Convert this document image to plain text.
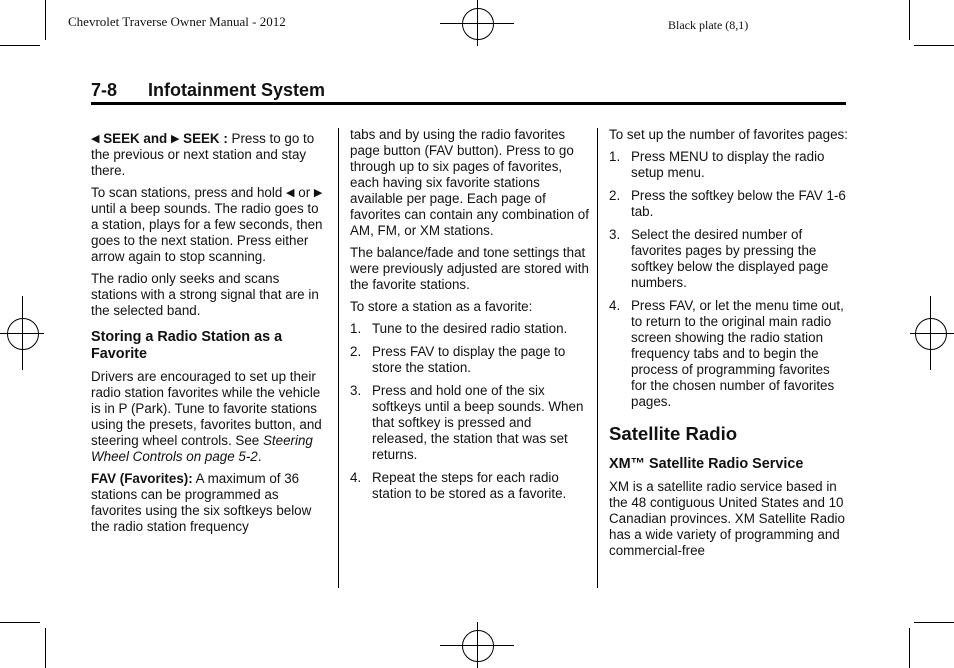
Chevrolet Traverse Owner Manual - 2012	Black plate (8,1)
7-8 Infotainment System

◀︎ SEEK and ▶︎ SEEK : Press to go to the previous or next station and stay there.

To scan stations, press and hold ◀︎ or ▶︎ until a beep sounds. The radio goes to a station, plays for a few seconds, then goes to the next station. Press either arrow again to stop scanning.

The radio only seeks and scans stations with a strong signal that are in the selected band.

Storing a Radio Station as a Favorite

Drivers are encouraged to set up their radio station favorites while the vehicle is in P (Park). Tune to favorite stations using the presets, favorites button, and steering wheel controls. See Steering Wheel Controls on page 5-2.

FAV (Favorites): A maximum of 36 stations can be programmed as favorites using the six softkeys below the radio station frequency

tabs and by using the radio favorites page button (FAV button). Press to go through up to six pages of favorites, each having six favorite stations available per page. Each page of favorites can contain any combination of AM, FM, or XM stations.

The balance/fade and tone settings that were previously adjusted are stored with the favorite stations.

To store a station as a favorite:

1. Tune to the desired radio station.
2. Press FAV to display the page to store the station.
3. Press and hold one of the six softkeys until a beep sounds. When that softkey is pressed and released, the station that was set returns.
4. Repeat the steps for each radio station to be stored as a favorite.

To set up the number of favorites pages:

1. Press MENU to display the radio setup menu.
2. Press the softkey below the FAV 1-6 tab.
3. Select the desired number of favorites pages by pressing the softkey below the displayed page numbers.
4. Press FAV, or let the menu time out, to return to the original main radio screen showing the radio station frequency tabs and to begin the process of programming favorites for the chosen number of favorites pages.
Satellite Radio
XM™ Satellite Radio Service

XM is a satellite radio service based in the 48 contiguous United States and 10 Canadian provinces. XM Satellite Radio has a wide variety of programming and commercial-free
